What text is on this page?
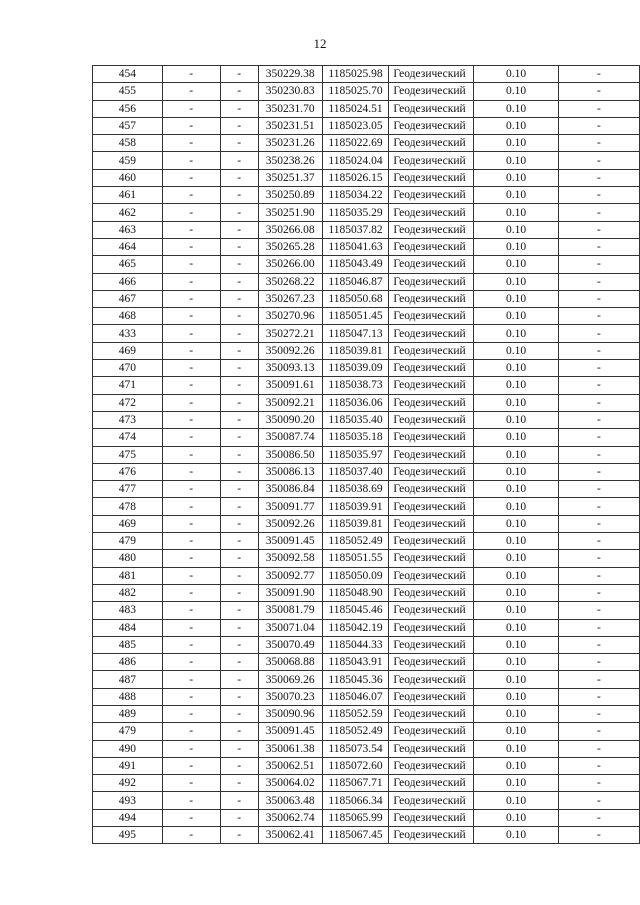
12
454	-	-	350229.38	1185025.98	Геодезический	0.10	-
455	-	-	350230.83	1185025.70	Геодезический	0.10	-
456	-	-	350231.70	1185024.51	Геодезический	0.10	-
457	-	-	350231.51	1185023.05	Геодезический	0.10	-
458	-	-	350231.26	1185022.69	Геодезический	0.10	-
459	-	-	350238.26	1185024.04	Геодезический	0.10	-
460	-	-	350251.37	1185026.15	Геодезический	0.10	-
461	-	-	350250.89	1185034.22	Геодезический	0.10	-
462	-	-	350251.90	1185035.29	Геодезический	0.10	-
463	-	-	350266.08	1185037.82	Геодезический	0.10	-
464	-	-	350265.28	1185041.63	Геодезический	0.10	-
465	-	-	350266.00	1185043.49	Геодезический	0.10	-
466	-	-	350268.22	1185046.87	Геодезический	0.10	-
467	-	-	350267.23	1185050.68	Геодезический	0.10	-
468	-	-	350270.96	1185051.45	Геодезический	0.10	-
433	-	-	350272.21	1185047.13	Геодезический	0.10	-
469	-	-	350092.26	1185039.81	Геодезический	0.10	-
470	-	-	350093.13	1185039.09	Геодезический	0.10	-
471	-	-	350091.61	1185038.73	Геодезический	0.10	-
472	-	-	350092.21	1185036.06	Геодезический	0.10	-
473	-	-	350090.20	1185035.40	Геодезический	0.10	-
474	-	-	350087.74	1185035.18	Геодезический	0.10	-
475	-	-	350086.50	1185035.97	Геодезический	0.10	-
476	-	-	350086.13	1185037.40	Геодезический	0.10	-
477	-	-	350086.84	1185038.69	Геодезический	0.10	-
478	-	-	350091.77	1185039.91	Геодезический	0.10	-
469	-	-	350092.26	1185039.81	Геодезический	0.10	-
479	-	-	350091.45	1185052.49	Геодезический	0.10	-
480	-	-	350092.58	1185051.55	Геодезический	0.10	-
481	-	-	350092.77	1185050.09	Геодезический	0.10	-
482	-	-	350091.90	1185048.90	Геодезический	0.10	-
483	-	-	350081.79	1185045.46	Геодезический	0.10	-
484	-	-	350071.04	1185042.19	Геодезический	0.10	-
485	-	-	350070.49	1185044.33	Геодезический	0.10	-
486	-	-	350068.88	1185043.91	Геодезический	0.10	-
487	-	-	350069.26	1185045.36	Геодезический	0.10	-
488	-	-	350070.23	1185046.07	Геодезический	0.10	-
489	-	-	350090.96	1185052.59	Геодезический	0.10	-
479	-	-	350091.45	1185052.49	Геодезический	0.10	-
490	-	-	350061.38	1185073.54	Геодезический	0.10	-
491	-	-	350062.51	1185072.60	Геодезический	0.10	-
492	-	-	350064.02	1185067.71	Геодезический	0.10	-
493	-	-	350063.48	1185066.34	Геодезический	0.10	-
494	-	-	350062.74	1185065.99	Геодезический	0.10	-
495	-	-	350062.41	1185067.45	Геодезический	0.10	-
